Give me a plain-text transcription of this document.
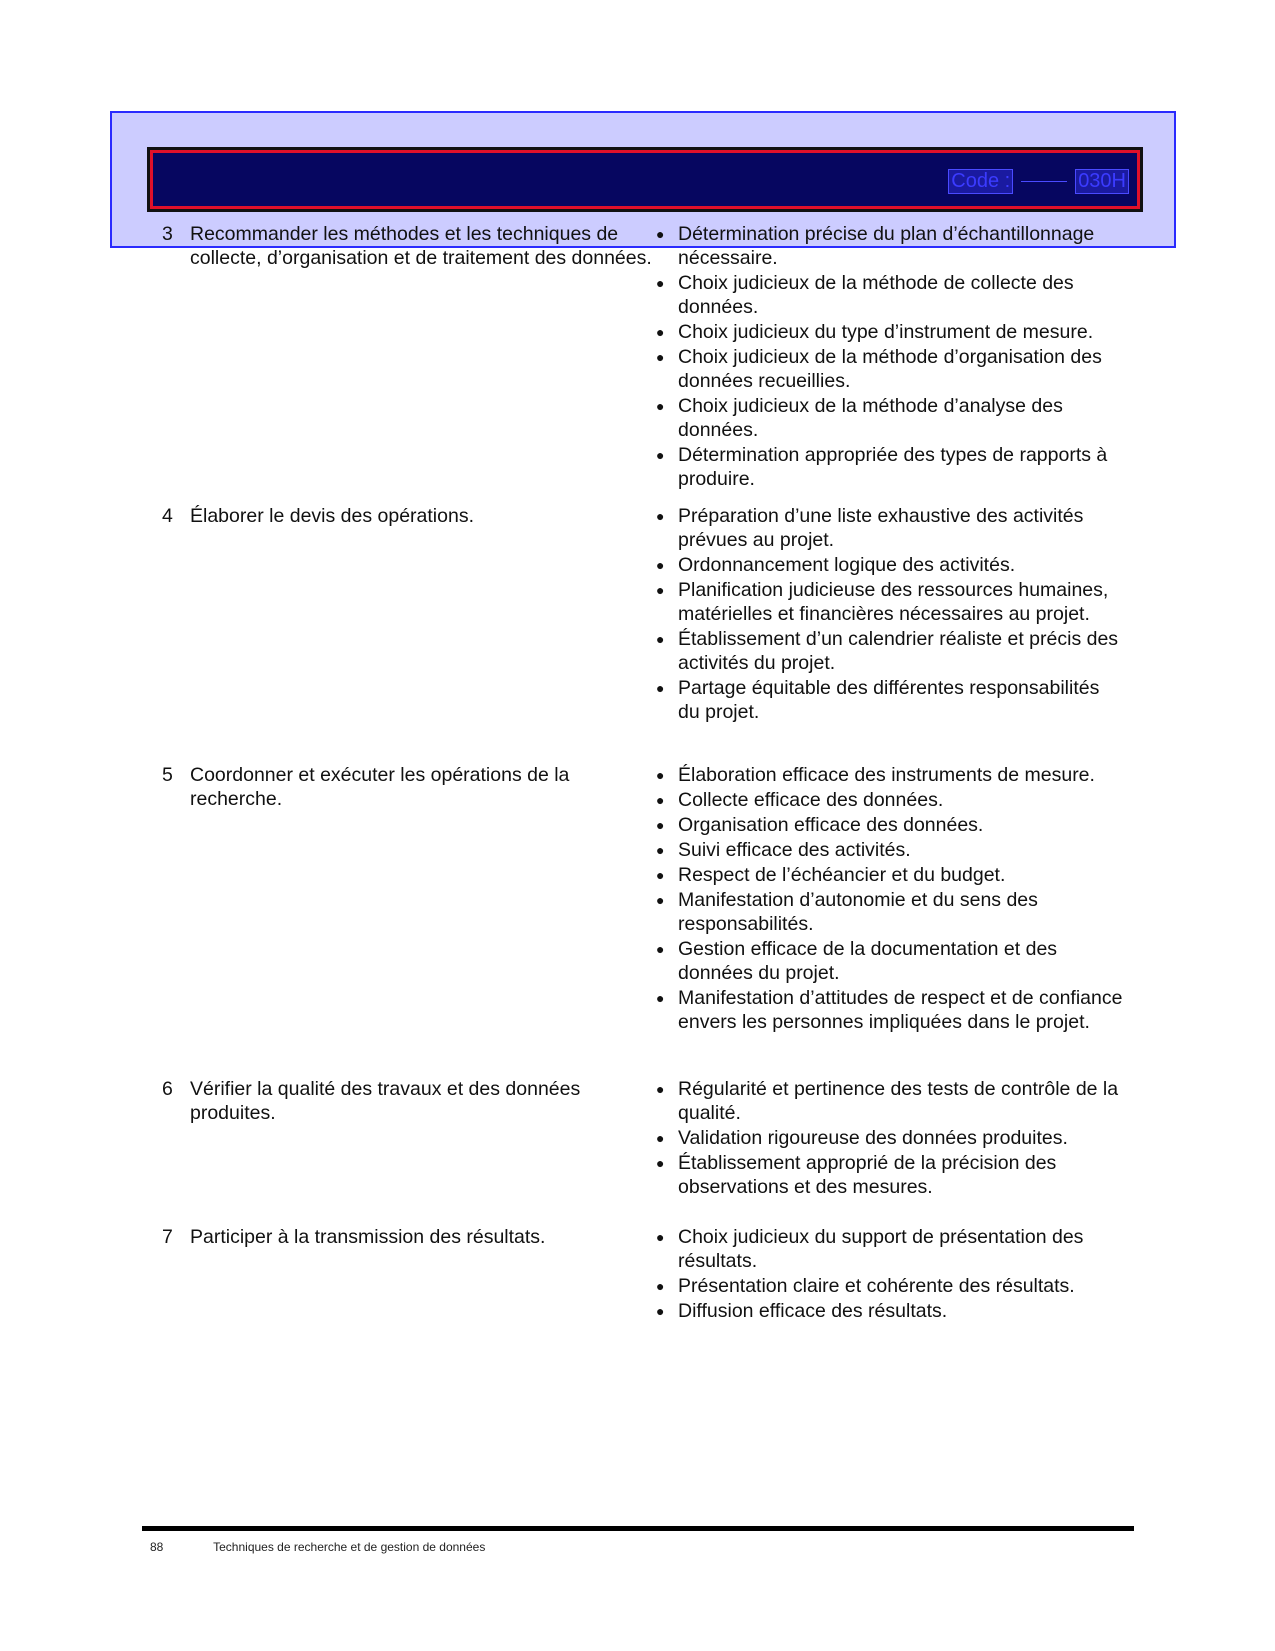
Code :	030H
3 Recommander les méthodes et les techniques de collecte, d’organisation et de traitement des données.
● Détermination précise du plan d’échantillonnage nécessaire.
● Choix judicieux de la méthode de collecte des données.
● Choix judicieux du type d’instrument de mesure.
● Choix judicieux de la méthode d’organisation des données recueillies.
● Choix judicieux de la méthode d’analyse des données.
● Détermination appropriée des types de rapports à produire.
4 Élaborer le devis des opérations.	● Préparation d’une liste exhaustive des activités prévues au projet.
● Ordonnancement logique des activités.
● Planification judicieuse des ressources humaines, matérielles et financières nécessaires au projet.
● Établissement d’un calendrier réaliste et précis des activités du projet.
● Partage équitable des différentes responsabilités du projet.
5 Coordonner et exécuter les opérations de la recherche.
● Élaboration efficace des instruments de mesure.
● Collecte efficace des données.
● Organisation efficace des données.
● Suivi efficace des activités.
● Respect de l’échéancier et du budget.
● Manifestation d’autonomie et du sens des responsabilités.
● Gestion efficace de la documentation et des données du projet.
● Manifestation d’attitudes de respect et de confiance envers les personnes impliquées dans le projet.
6 Vérifier la qualité des travaux et des données produites.
● Régularité et pertinence des tests de contrôle de la qualité.
● Validation rigoureuse des données produites.
● Établissement approprié de la précision des observations et des mesures.
7 Participer à la transmission des résultats.	● Choix judicieux du support de présentation des résultats.
● Présentation claire et cohérente des résultats.
● Diffusion efficace des résultats.
88	Techniques de recherche et de gestion de données
